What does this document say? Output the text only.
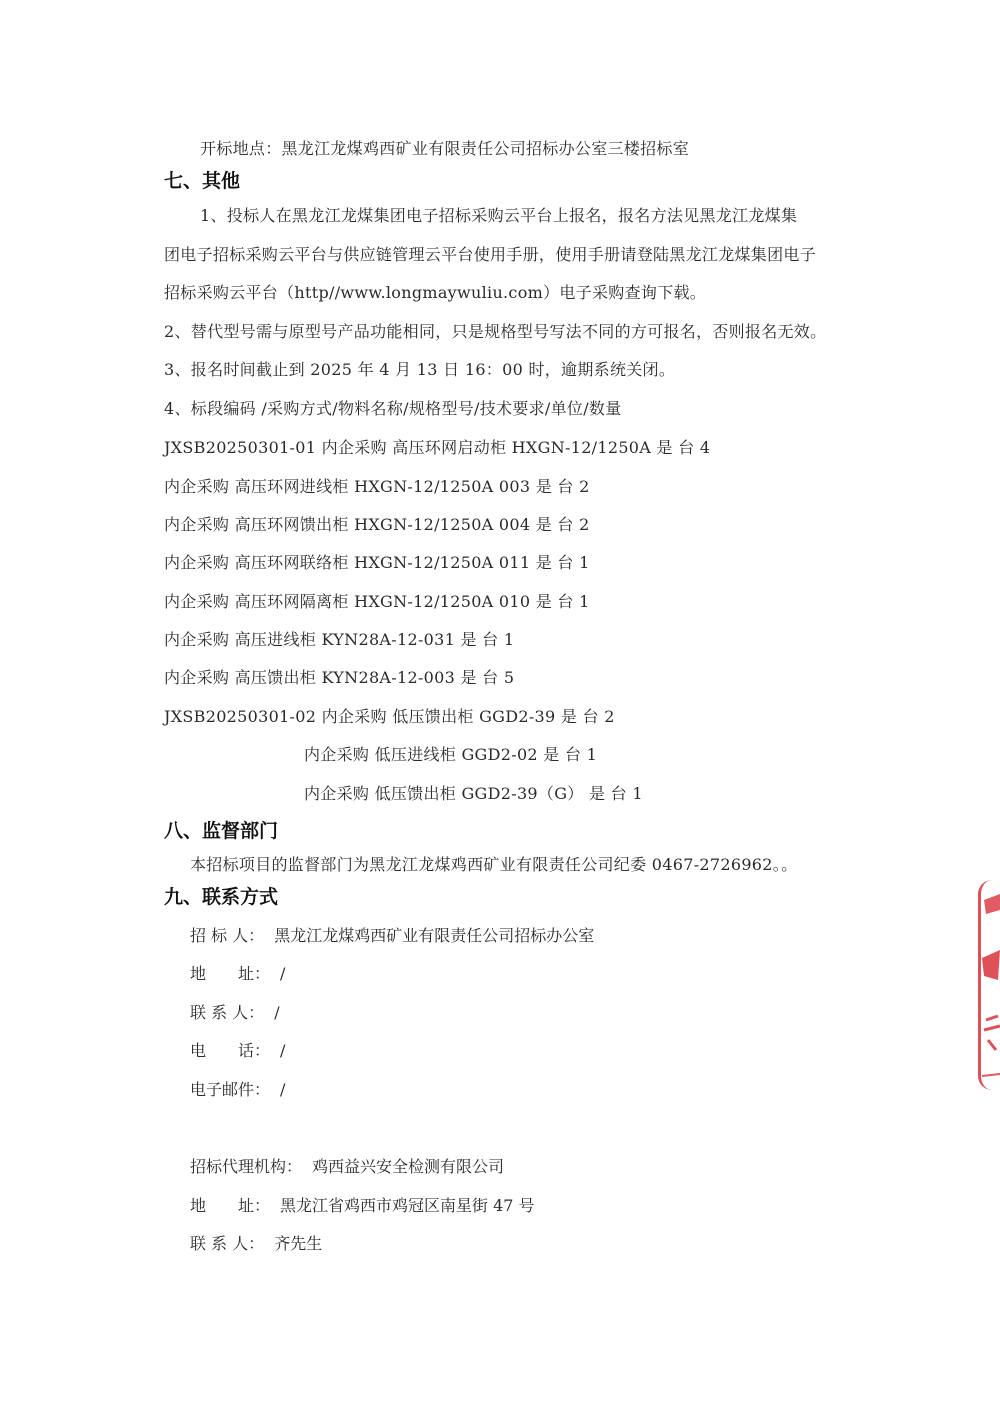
开标地点：黑龙江龙煤鸡西矿业有限责任公司招标办公室三楼招标室
七、其他
1、投标人在黑龙江龙煤集团电子招标采购云平台上报名，报名方法见黑龙江龙煤集
团电子招标采购云平台与供应链管理云平台使用手册，使用手册请登陆黑龙江龙煤集团电子
招标采购云平台（http//www.longmaywuliu.com）电子采购查询下载。
2、替代型号需与原型号产品功能相同，只是规格型号写法不同的方可报名，否则报名无效。
3、报名时间截止到 2025 年 4 月 13 日 16：00 时，逾期系统关闭。
4、标段编码 /采购方式/物料名称/规格型号/技术要求/单位/数量
JXSB20250301-01 内企采购 高压环网启动柜 HXGN-12/1250A 是 台 4
内企采购 高压环网进线柜 HXGN-12/1250A 003 是 台 2
内企采购 高压环网馈出柜 HXGN-12/1250A 004 是 台 2
内企采购 高压环网联络柜 HXGN-12/1250A 011 是 台 1
内企采购 高压环网隔离柜 HXGN-12/1250A 010 是 台 1
内企采购 高压进线柜 KYN28A-12-031 是 台 1
内企采购 高压馈出柜 KYN28A-12-003 是 台 5
JXSB20250301-02 内企采购 低压馈出柜 GGD2-39 是 台 2
内企采购 低压进线柜 GGD2-02 是 台 1
内企采购 低压馈出柜 GGD2-39（G） 是 台 1
八、监督部门
本招标项目的监督部门为黑龙江龙煤鸡西矿业有限责任公司纪委 0467-2726962。。
九、联系方式
招 标 人： 黑龙江龙煤鸡西矿业有限责任公司招标办公室
地　　址： /
联 系 人： /
电　　话： /
电子邮件： /
招标代理机构： 鸡西益兴安全检测有限公司
地　　址： 黑龙江省鸡西市鸡冠区南星街 47 号
联 系 人： 齐先生
